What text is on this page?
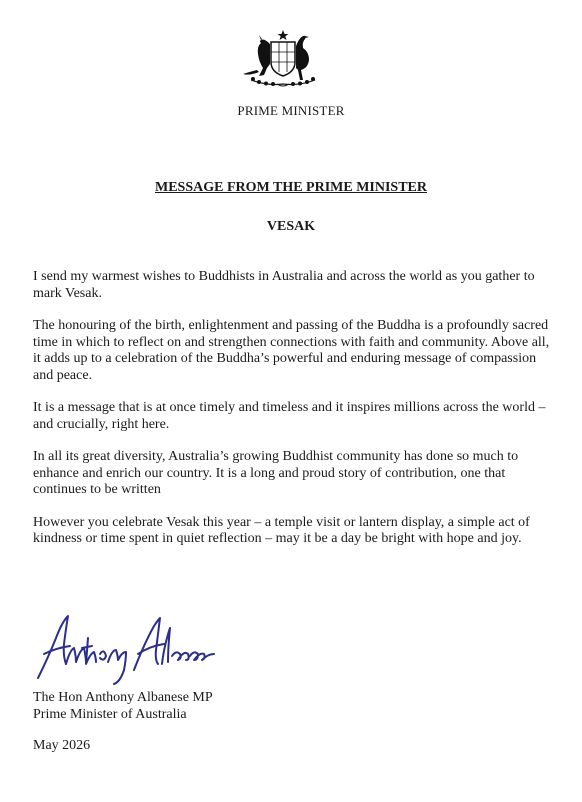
PRIME MINISTER
MESSAGE FROM THE PRIME MINISTER
VESAK

I send my warmest wishes to Buddhists in Australia and across the world as you gather to mark Vesak.

The honouring of the birth, enlightenment and passing of the Buddha is a profoundly sacred time in which to reflect on and strengthen connections with faith and community. Above all, it adds up to a celebration of the Buddha’s powerful and enduring message of compassion and peace.

It is a message that is at once timely and timeless and it inspires millions across the world – and crucially, right here.

In all its great diversity, Australia’s growing Buddhist community has done so much to enhance and enrich our country. It is a long and proud story of contribution, one that continues to be written

However you celebrate Vesak this year – a temple visit or lantern display, a simple act of kindness or time spent in quiet reflection – may it be a day be bright with hope and joy.

The Hon Anthony Albanese MP
Prime Minister of Australia
May 2026
